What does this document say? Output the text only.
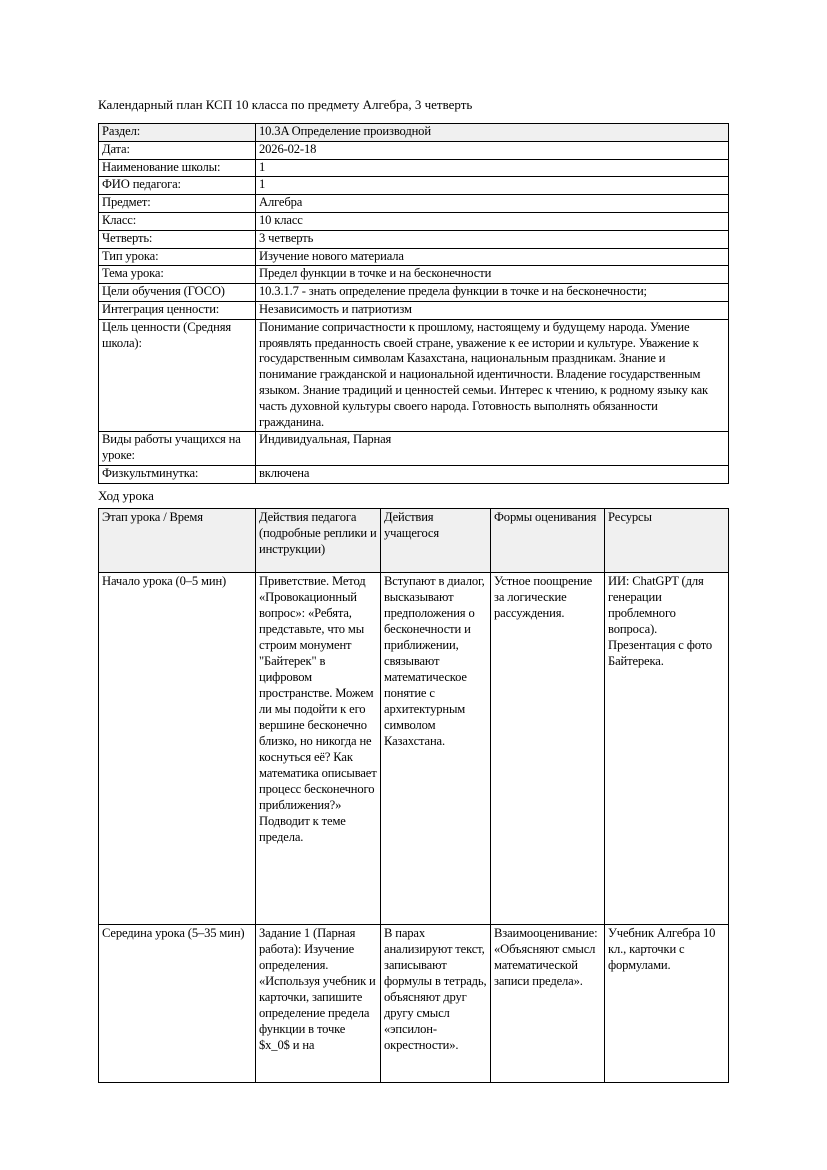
Календарный план КСП 10 класса по предмету Алгебра, 3 четверть

Раздел:	10.3A Определение производной
Дата:	2026-02-18
Наименование школы:	1
ФИО педагога:	1
Предмет:	Алгебра
Класс:	10 класс
Четверть:	3 четверть
Тип урока:	Изучение нового материала
Тема урока:	Предел функции в точке и на бесконечности
Цели обучения (ГОСО)	10.3.1.7 - знать определение предела функции в точке и на бесконечности;
Интеграция ценности:	Независимость и патриотизм
Цель ценности (Средняя школа):	Понимание сопричастности к прошлому, настоящему и будущему народа. Умение проявлять преданность своей стране, уважение к ее истории и культуре. Уважение к государственным символам Казахстана, национальным праздникам. Знание и понимание гражданской и национальной идентичности. Владение государственным языком. Знание традиций и ценностей семьи. Интерес к чтению, к родному языку как часть духовной культуры своего народа. Готовность выполнять обязанности гражданина.
Виды работы учащихся на уроке:	Индивидуальная, Парная
Физкультминутка:	включена

Ход урока

Этап урока / Время	Действия педагога (подробные реплики и инструкции)	Действия учащегося	Формы оценивания	Ресурсы
Начало урока (0–5 мин)	Приветствие. Метод «Провокационный вопрос»: «Ребята, представьте, что мы строим монумент "Байтерек" в цифровом пространстве. Можем ли мы подойти к его вершине бесконечно близко, но никогда не коснуться её? Как математика описывает процесс бесконечного приближения?» Подводит к теме предела.	Вступают в диалог, высказывают предположения о бесконечности и приближении, связывают математическое понятие с архитектурным символом Казахстана.	Устное поощрение за логические рассуждения.	ИИ: ChatGPT (для генерации проблемного вопроса). Презентация с фото Байтерека.
Середина урока (5–35 мин)	Задание 1 (Парная работа): Изучение определения. «Используя учебник и карточки, запишите определение предела функции в точке $x_0$ и на	В парах анализируют текст, записывают формулы в тетрадь, объясняют друг другу смысл «эпсилон-окрестности».	Взаимооценивание: «Объясняют смысл математической записи предела».	Учебник Алгебра 10 кл., карточки с формулами.
